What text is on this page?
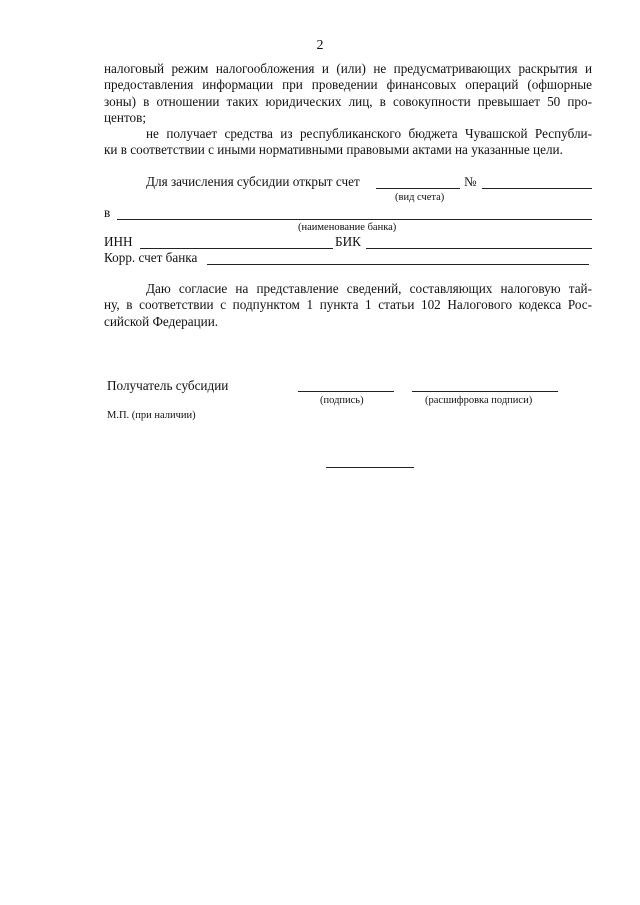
2
налоговый режим налогообложения и (или) не предусматривающих раскрытия и
предоставления информации при проведении финансовых операций (офшорные
зоны) в отношении таких юридических лиц, в совокупности превышает 50 про-
центов;
не получает средства из республиканского бюджета Чувашской Республи-
ки в соответствии с иными нормативными правовыми актами на указанные цели.
Для зачисления субсидии открыт счет	№
(вид счета)
в
(наименование банка)
ИНН	БИК
Корр. счет банка
Даю согласие на представление сведений, составляющих налоговую тай-
ну, в соответствии с подпунктом 1 пункта 1 статьи 102 Налогового кодекса Рос-
сийской Федерации.
Получатель субсидии
(подпись)	(расшифровка подписи)
М.П. (при наличии)
